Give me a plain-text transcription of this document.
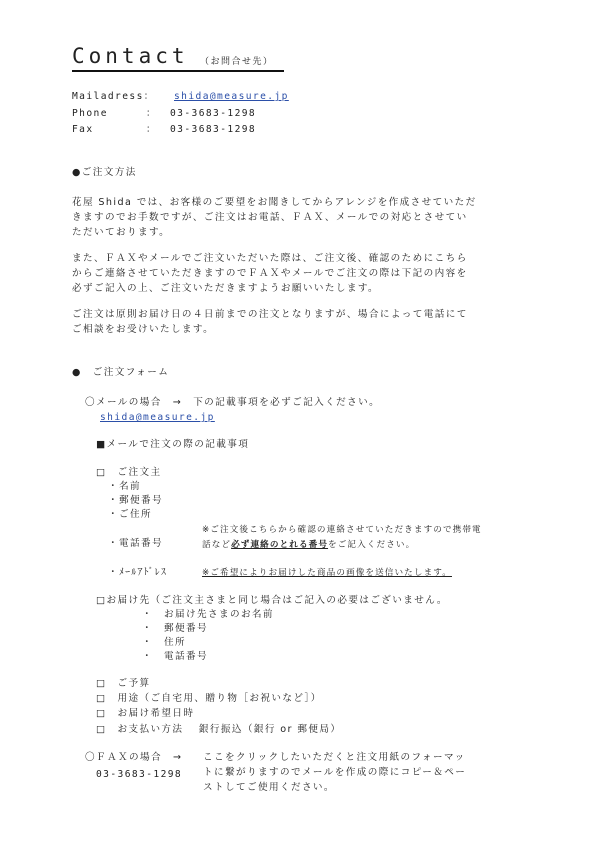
Contact （お問合せ先）
Mailadress： shida@measure.jp
Phone	： 03-3683-1298
Fax	： 03-3683-1298
●ご注文方法
花屋 Shida では、お客様のご要望をお聞きしてからアレンジを作成させていただ
きますのでお手数ですが、ご注文はお電話、ＦＡＸ、メールでの対応とさせてい
ただいております。
また、ＦＡＸやメールでご注文いただいた際は、ご注文後、確認のためにこちら
からご連絡させていただきますのでＦＡＸやメールでご注文の際は下記の内容を
必ずご記入の上、ご注文いただきますようお願いいたします。
ご注文は原則お届け日の４日前までの注文となりますが、場合によって電話にて
ご相談をお受けいたします。
●　ご注文フォーム
〇メールの場合　→　下の記載事項を必ずご記入ください。
shida@measure.jp
■メールで注文の際の記載事項
□　ご注文主
・名前
・郵便番号
・ご住所
・電話番号
※ご注文後こちらから確認の連絡させていただきますので携帯電
話など必ず連絡のとれる番号をご記入ください。
・ﾒｰﾙｱﾄﾞﾚｽ	※ご希望によりお届けした商品の画像を送信いたします。
□お届け先（ご注文主さまと同じ場合はご記入の必要はございません。
・　お届け先さまのお名前
・　郵便番号
・　住所
・　電話番号
□　ご予算
□　用途（ご自宅用、贈り物［お祝いなど］）
□　お届け希望日時
□　お支払い方法　 銀行振込（銀行 or 郵便局）
〇ＦＡＸの場合　→
03-3683-1298
ここをクリックしたいただくと注文用紙のフォーマッ
トに繋がりますのでメールを作成の際にコピー＆ペー
ストしてご使用ください。
